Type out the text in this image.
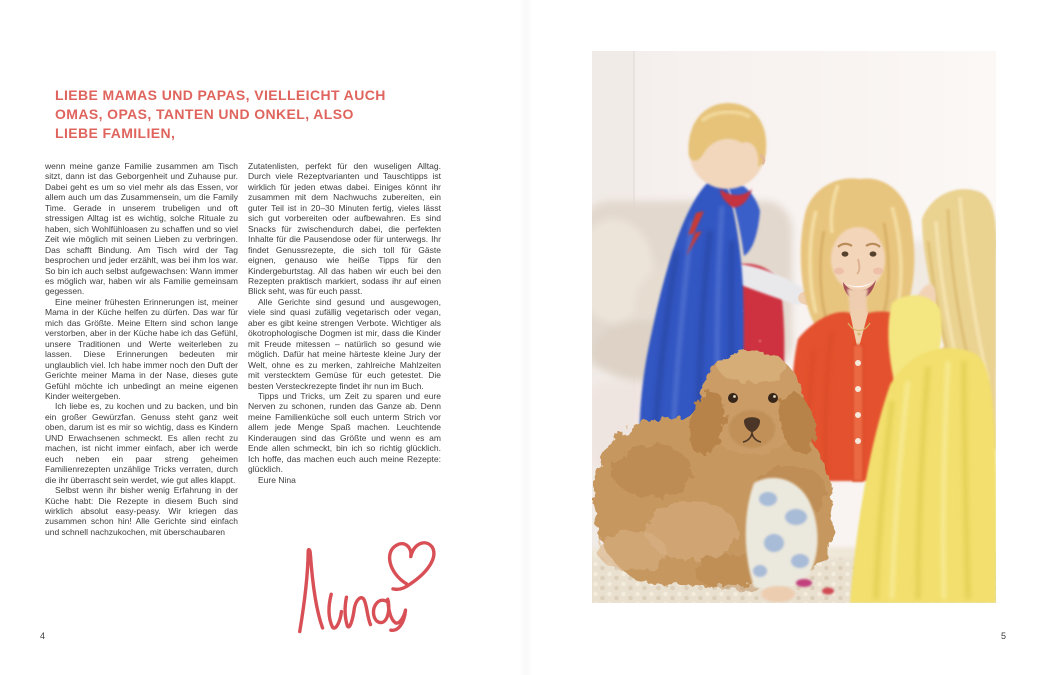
LIEBE MAMAS UND PAPAS, VIELLEICHT AUCH
OMAS, OPAS, TANTEN UND ONKEL, ALSO
LIEBE FAMILIEN,

wenn meine ganze Familie zusammen am Tisch sitzt, dann ist das Geborgenheit und Zuhause pur. Dabei geht es um so viel mehr als das Essen, vor allem auch um das Zusammensein, um die Family Time. Gerade in unserem trubeligen und oft stressigen Alltag ist es wichtig, solche Rituale zu haben, sich Wohlfühloasen zu schaffen und so viel Zeit wie möglich mit seinen Lieben zu verbringen. Das schafft Bindung. Am Tisch wird der Tag besprochen und jeder erzählt, was bei ihm los war. So bin ich auch selbst aufgewachsen: Wann immer es möglich war, haben wir als Familie gemeinsam gegessen.

Eine meiner frühesten Erinnerungen ist, meiner Mama in der Küche helfen zu dürfen. Das war für mich das Größte. Meine Eltern sind schon lange verstorben, aber in der Küche habe ich das Gefühl, unsere Traditionen und Werte weiterleben zu lassen. Diese Erinnerungen bedeuten mir unglaublich viel. Ich habe immer noch den Duft der Gerichte meiner Mama in der Nase, dieses gute Gefühl möchte ich unbedingt an meine eigenen Kinder weitergeben.

Ich liebe es, zu kochen und zu backen, und bin ein großer Gewürzfan. Genuss steht ganz weit oben, darum ist es mir so wichtig, dass es Kindern UND Erwachsenen schmeckt. Es allen recht zu machen, ist nicht immer einfach, aber ich werde euch neben ein paar streng geheimen Familienrezepten unzählige Tricks verraten, durch die ihr überrascht sein werdet, wie gut alles klappt.

Selbst wenn ihr bisher wenig Erfahrung in der Küche habt: Die Rezepte in diesem Buch sind wirklich absolut easy-peasy. Wir kriegen das zusammen schon hin! Alle Gerichte sind einfach und schnell nachzukochen, mit überschaubaren

Zutatenlisten, perfekt für den wuseligen Alltag. Durch viele Rezeptvarianten und Tauschtipps ist wirklich für jeden etwas dabei. Einiges könnt ihr zusammen mit dem Nachwuchs zubereiten, ein guter Teil ist in 20–30 Minuten fertig, vieles lässt sich gut vorbereiten oder aufbewahren. Es sind Snacks für zwischendurch dabei, die perfekten Inhalte für die Pausendose oder für unterwegs. Ihr findet Genussrezepte, die sich toll für Gäste eignen, genauso wie heiße Tipps für den Kindergeburtstag. All das haben wir euch bei den Rezepten praktisch markiert, sodass ihr auf einen Blick seht, was für euch passt.

Alle Gerichte sind gesund und ausgewogen, viele sind quasi zufällig vegetarisch oder vegan, aber es gibt keine strengen Verbote. Wichtiger als ökotrophologische Dogmen ist mir, dass die Kinder mit Freude mitessen – natürlich so gesund wie möglich. Dafür hat meine härteste kleine Jury der Welt, ohne es zu merken, zahlreiche Mahlzeiten mit verstecktem Gemüse für euch getestet. Die besten Versteckrezepte findet ihr nun im Buch.

Tipps und Tricks, um Zeit zu sparen und eure Nerven zu schonen, runden das Ganze ab. Denn meine Familienküche soll euch unterm Strich vor allem jede Menge Spaß machen. Leuchtende Kinderaugen sind das Größte und wenn es am Ende allen schmeckt, bin ich so richtig glücklich. Ich hoffe, das machen euch auch meine Rezepte: glücklich.

Eure Nina

4	5
